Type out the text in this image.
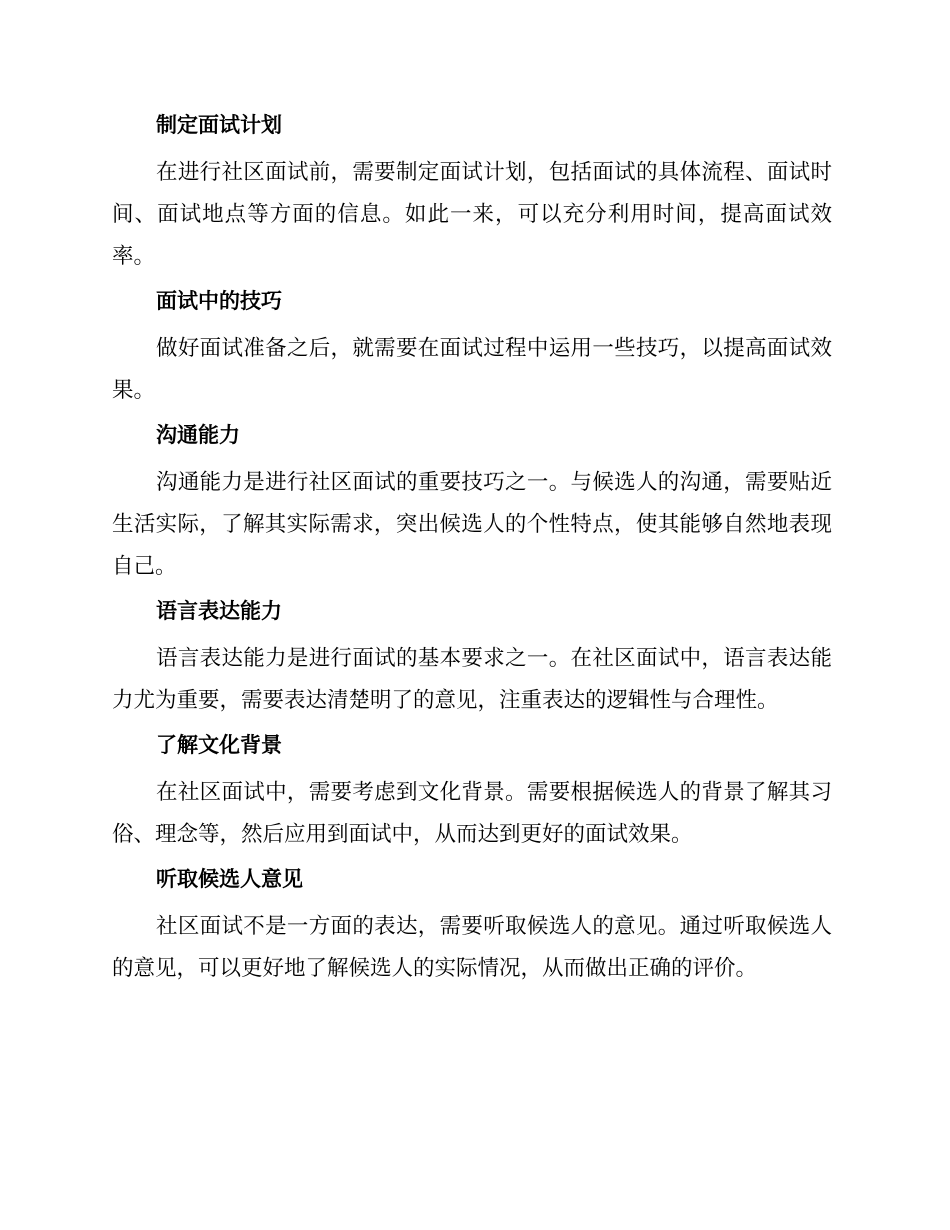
制定面试计划

在进行社区面试前，需要制定面试计划，包括面试的具体流程、面试时间、面试地点等方面的信息。如此一来，可以充分利用时间，提高面试效率。

面试中的技巧

做好面试准备之后，就需要在面试过程中运用一些技巧，以提高面试效果。

沟通能力

沟通能力是进行社区面试的重要技巧之一。与候选人的沟通，需要贴近生活实际，了解其实际需求，突出候选人的个性特点，使其能够自然地表现自己。

语言表达能力

语言表达能力是进行面试的基本要求之一。在社区面试中，语言表达能力尤为重要，需要表达清楚明了的意见，注重表达的逻辑性与合理性。

了解文化背景

在社区面试中，需要考虑到文化背景。需要根据候选人的背景了解其习俗、理念等，然后应用到面试中，从而达到更好的面试效果。

听取候选人意见

社区面试不是一方面的表达，需要听取候选人的意见。通过听取候选人的意见，可以更好地了解候选人的实际情况，从而做出正确的评价。
